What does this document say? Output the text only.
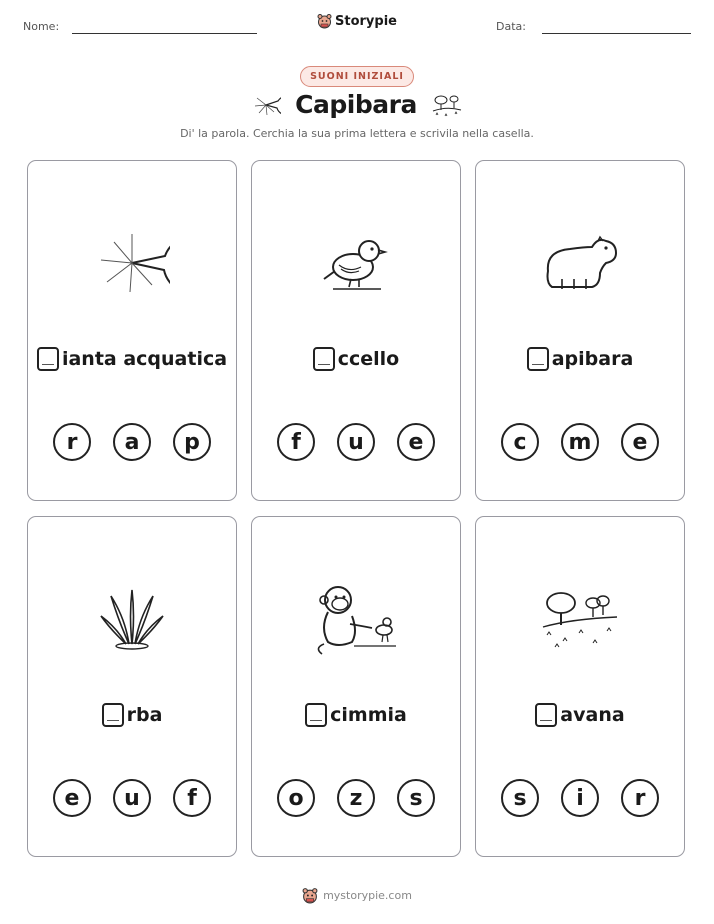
Nome:	Storypie	Data:
SUONI INIZIALI
Capibara
Di' la parola. Cerchia la sua prima lettera e scrivila nella casella.
ianta acquatica
r	a	p
ccello
f	u	e
apibara
c	m	e
rba
e	u	f
cimmia
o	z	s
avana
s	i	r
mystorypie.com
